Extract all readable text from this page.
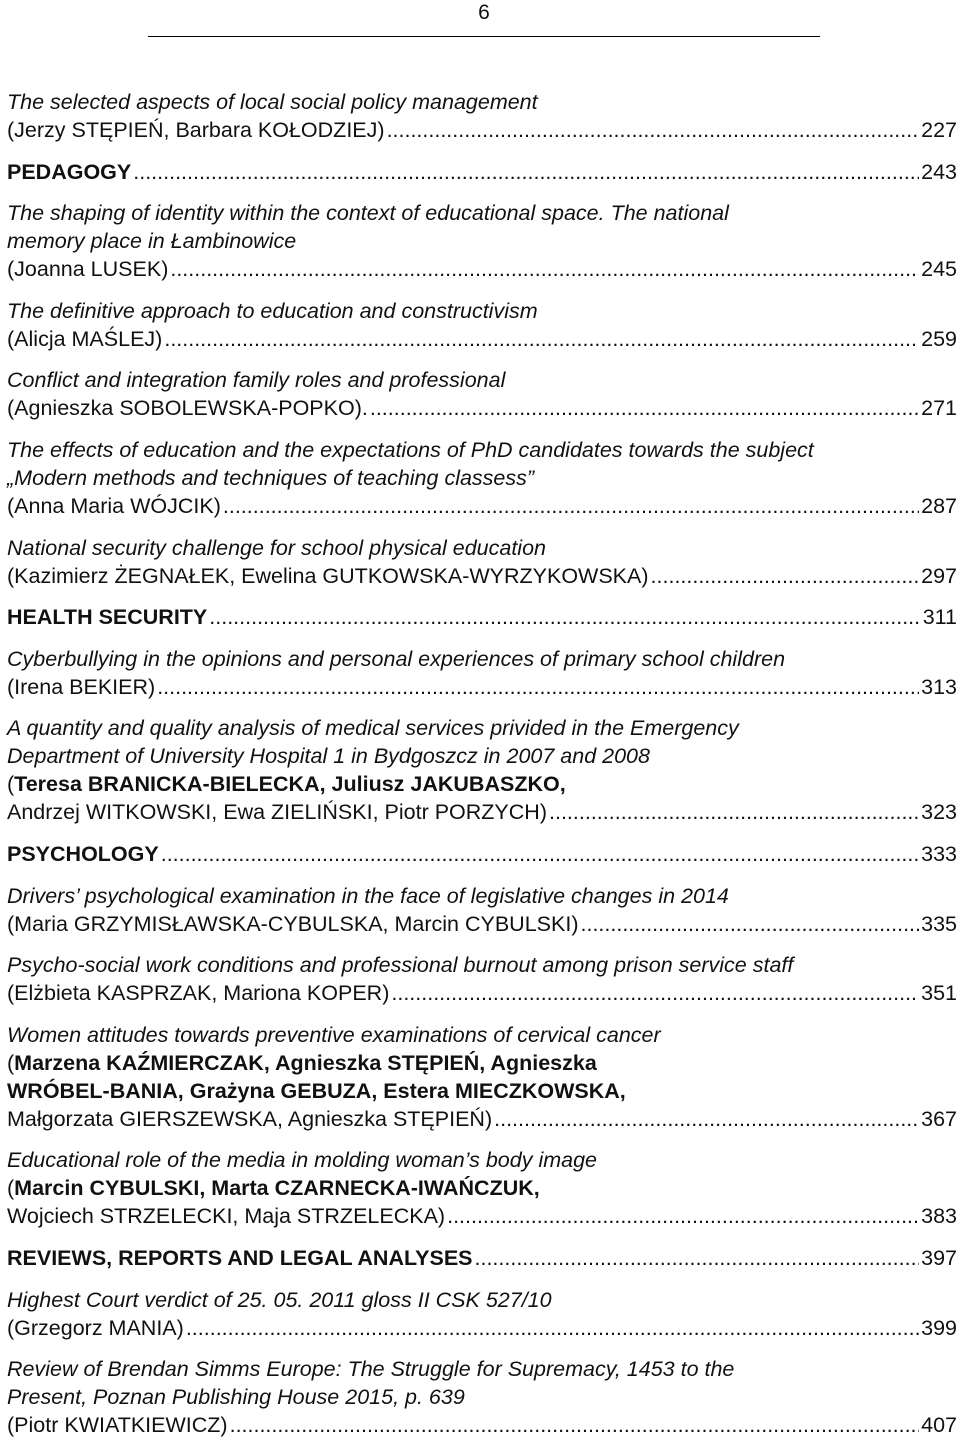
6
The selected aspects of local social policy management
(Jerzy STĘPIEŃ, Barbara KOŁODZIEJ) .....	227
PEDAGOGY .....	243
The shaping of identity within the context of educational space. The national
memory place in Łambinowice
(Joanna LUSEK) .....	245
The definitive approach to education and constructivism
(Alicja MAŚLEJ) .....	259
Conflict and integration family roles and professional
(Agnieszka SOBOLEWSKA-POPKO). .....	271
The effects of education and the expectations of PhD candidates towards the subject
„Modern methods and techniques of teaching classess”
(Anna Maria WÓJCIK) .....	287
National security challenge for school physical education
(Kazimierz ŻEGNAŁEK, Ewelina GUTKOWSKA-WYRZYKOWSKA) .....	297
HEALTH SECURITY .....	311
Cyberbullying in the opinions and personal experiences of primary school children
(Irena BEKIER) .....	313
A quantity and quality analysis of medical services privided in the Emergency
Department of University Hospital 1 in Bydgoszcz in 2007 and 2008
(Teresa BRANICKA-BIELECKA, Juliusz JAKUBASZKO,
Andrzej WITKOWSKI, Ewa ZIELIŃSKI, Piotr PORZYCH) .....	323
PSYCHOLOGY .....	333
Drivers’ psychological examination in the face of legislative changes in 2014
(Maria GRZYMISŁAWSKA-CYBULSKA, Marcin CYBULSKI) .....	335
Psycho-social work conditions and professional burnout among prison service staff
(Elżbieta KASPRZAK, Mariona KOPER) .....	351
Women attitudes towards preventive examinations of cervical cancer
(Marzena KAŹMIERCZAK, Agnieszka STĘPIEŃ, Agnieszka
WRÓBEL-BANIA, Grażyna GEBUZA, Estera MIECZKOWSKA,
Małgorzata GIERSZEWSKA, Agnieszka STĘPIEŃ) .....	367
Educational role of the media in molding woman’s body image
(Marcin CYBULSKI, Marta CZARNECKA-IWAŃCZUK,
Wojciech STRZELECKI, Maja STRZELECKA) .....	383
REVIEWS, REPORTS AND LEGAL ANALYSES .....	397
Highest Court verdict of 25. 05. 2011 gloss II CSK 527/10
(Grzegorz MANIA) .....	399
Review of Brendan Simms Europe: The Struggle for Supremacy, 1453 to the
Present, Poznan Publishing House 2015, p. 639
(Piotr KWIATKIEWICZ) .....	407
